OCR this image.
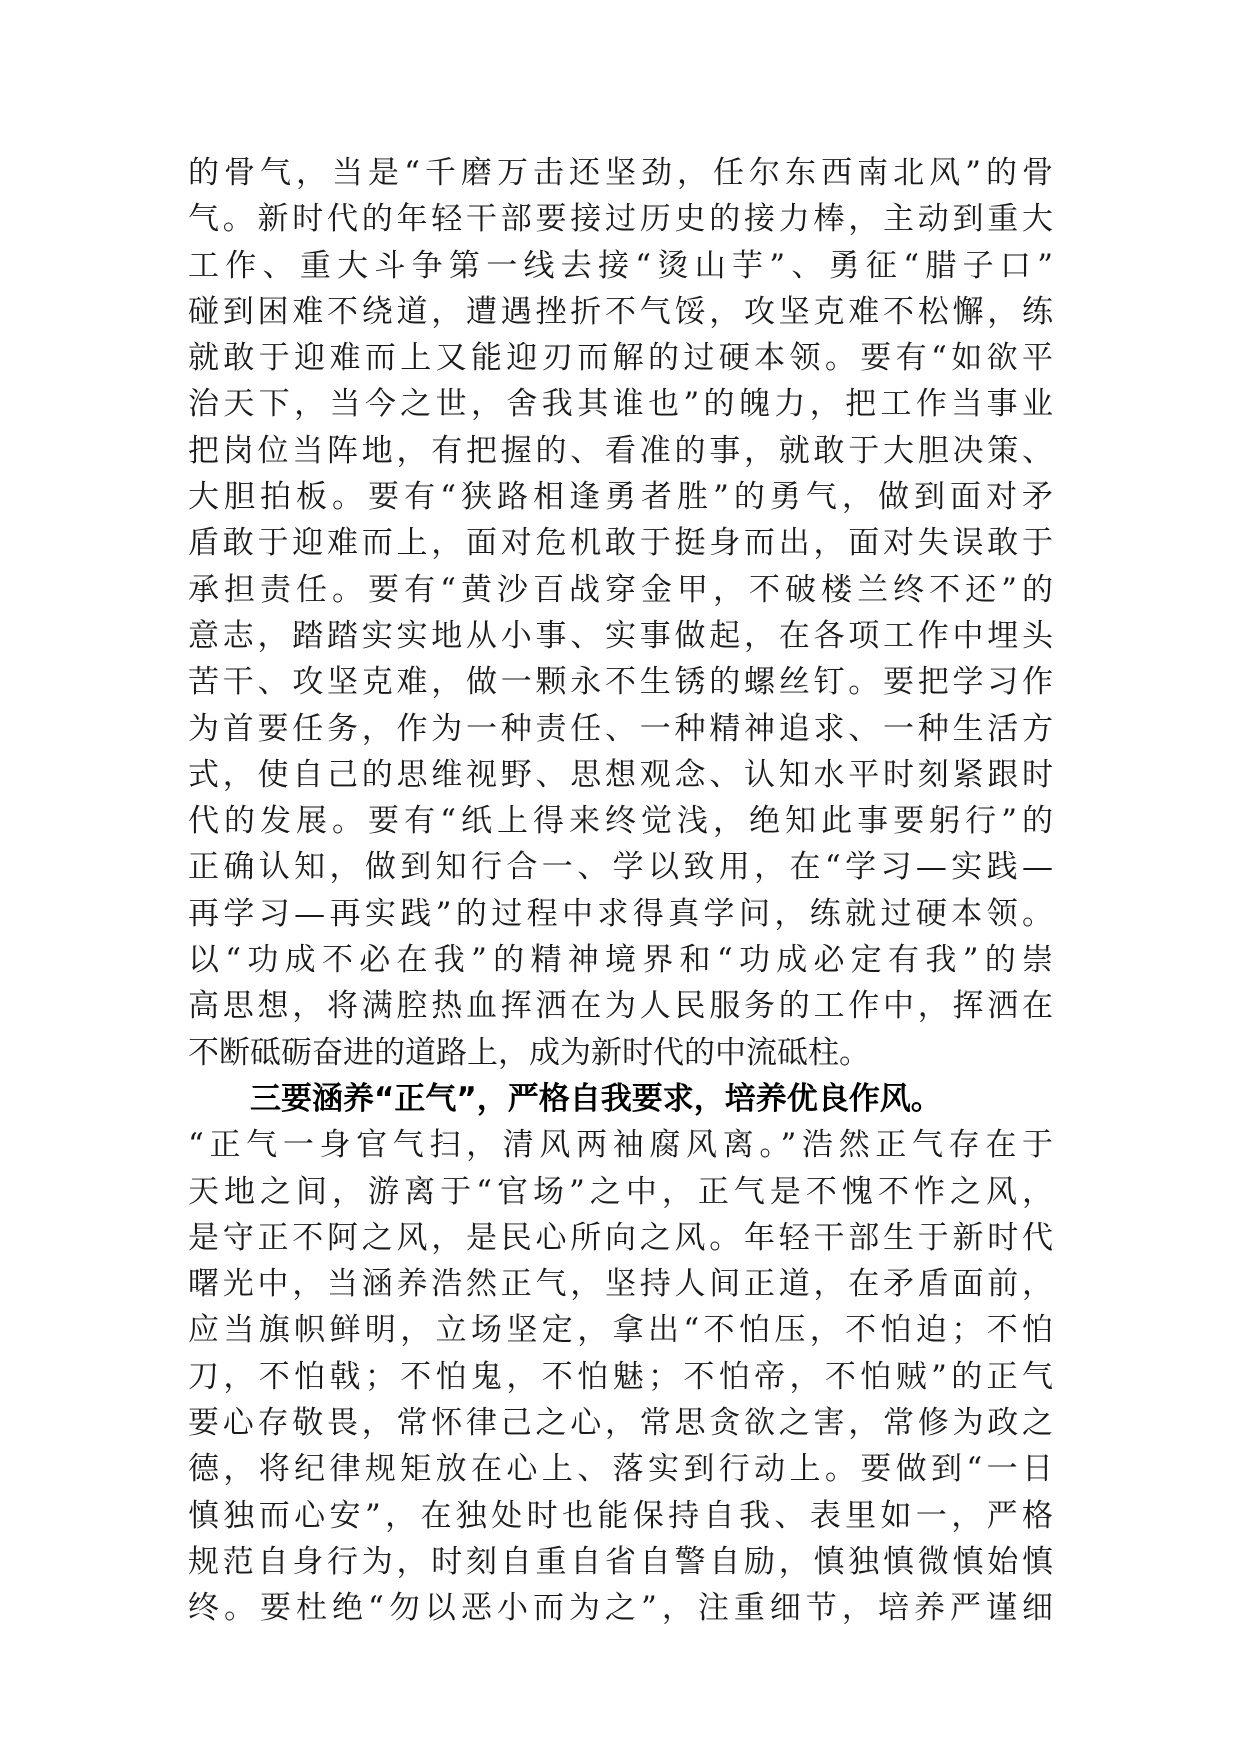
的骨气，当是“千磨万击还坚劲，任尔东西南北风”的骨
气。新时代的年轻干部要接过历史的接力棒，主动到重大
工作、重大斗争第一线去接“烫山芋”、勇征“腊子口”
碰到困难不绕道，遭遇挫折不气馁，攻坚克难不松懈，练
就敢于迎难而上又能迎刃而解的过硬本领。要有“如欲平
治天下，当今之世，舍我其谁也”的魄力，把工作当事业
把岗位当阵地，有把握的、看准的事，就敢于大胆决策、
大胆拍板。要有“狭路相逢勇者胜”的勇气，做到面对矛
盾敢于迎难而上，面对危机敢于挺身而出，面对失误敢于
承担责任。要有“黄沙百战穿金甲，不破楼兰终不还”的
意志，踏踏实实地从小事、实事做起，在各项工作中埋头
苦干、攻坚克难，做一颗永不生锈的螺丝钉。要把学习作
为首要任务，作为一种责任、一种精神追求、一种生活方
式，使自己的思维视野、思想观念、认知水平时刻紧跟时
代的发展。要有“纸上得来终觉浅，绝知此事要躬行”的
正确认知，做到知行合一、学以致用，在“学习—实践—
再学习—再实践”的过程中求得真学问，练就过硬本领。
以“功成不必在我”的精神境界和“功成必定有我”的崇
高思想，将满腔热血挥洒在为人民服务的工作中，挥洒在
不断砥砺奋进的道路上，成为新时代的中流砥柱。
三要涵养“正气”，严格自我要求，培养优良作风。
“正气一身官气扫，清风两袖腐风离。”浩然正气存在于
天地之间，游离于“官场”之中，正气是不愧不怍之风，
是守正不阿之风，是民心所向之风。年轻干部生于新时代
曙光中，当涵养浩然正气，坚持人间正道，在矛盾面前，
应当旗帜鲜明，立场坚定，拿出“不怕压，不怕迫；不怕
刀，不怕戟；不怕鬼，不怕魅；不怕帝，不怕贼”的正气
要心存敬畏，常怀律己之心，常思贪欲之害，常修为政之
德，将纪律规矩放在心上、落实到行动上。要做到“一日
慎独而心安”，在独处时也能保持自我、表里如一，严格
规范自身行为，时刻自重自省自警自励，慎独慎微慎始慎
终。要杜绝“勿以恶小而为之”，注重细节，培养严谨细
